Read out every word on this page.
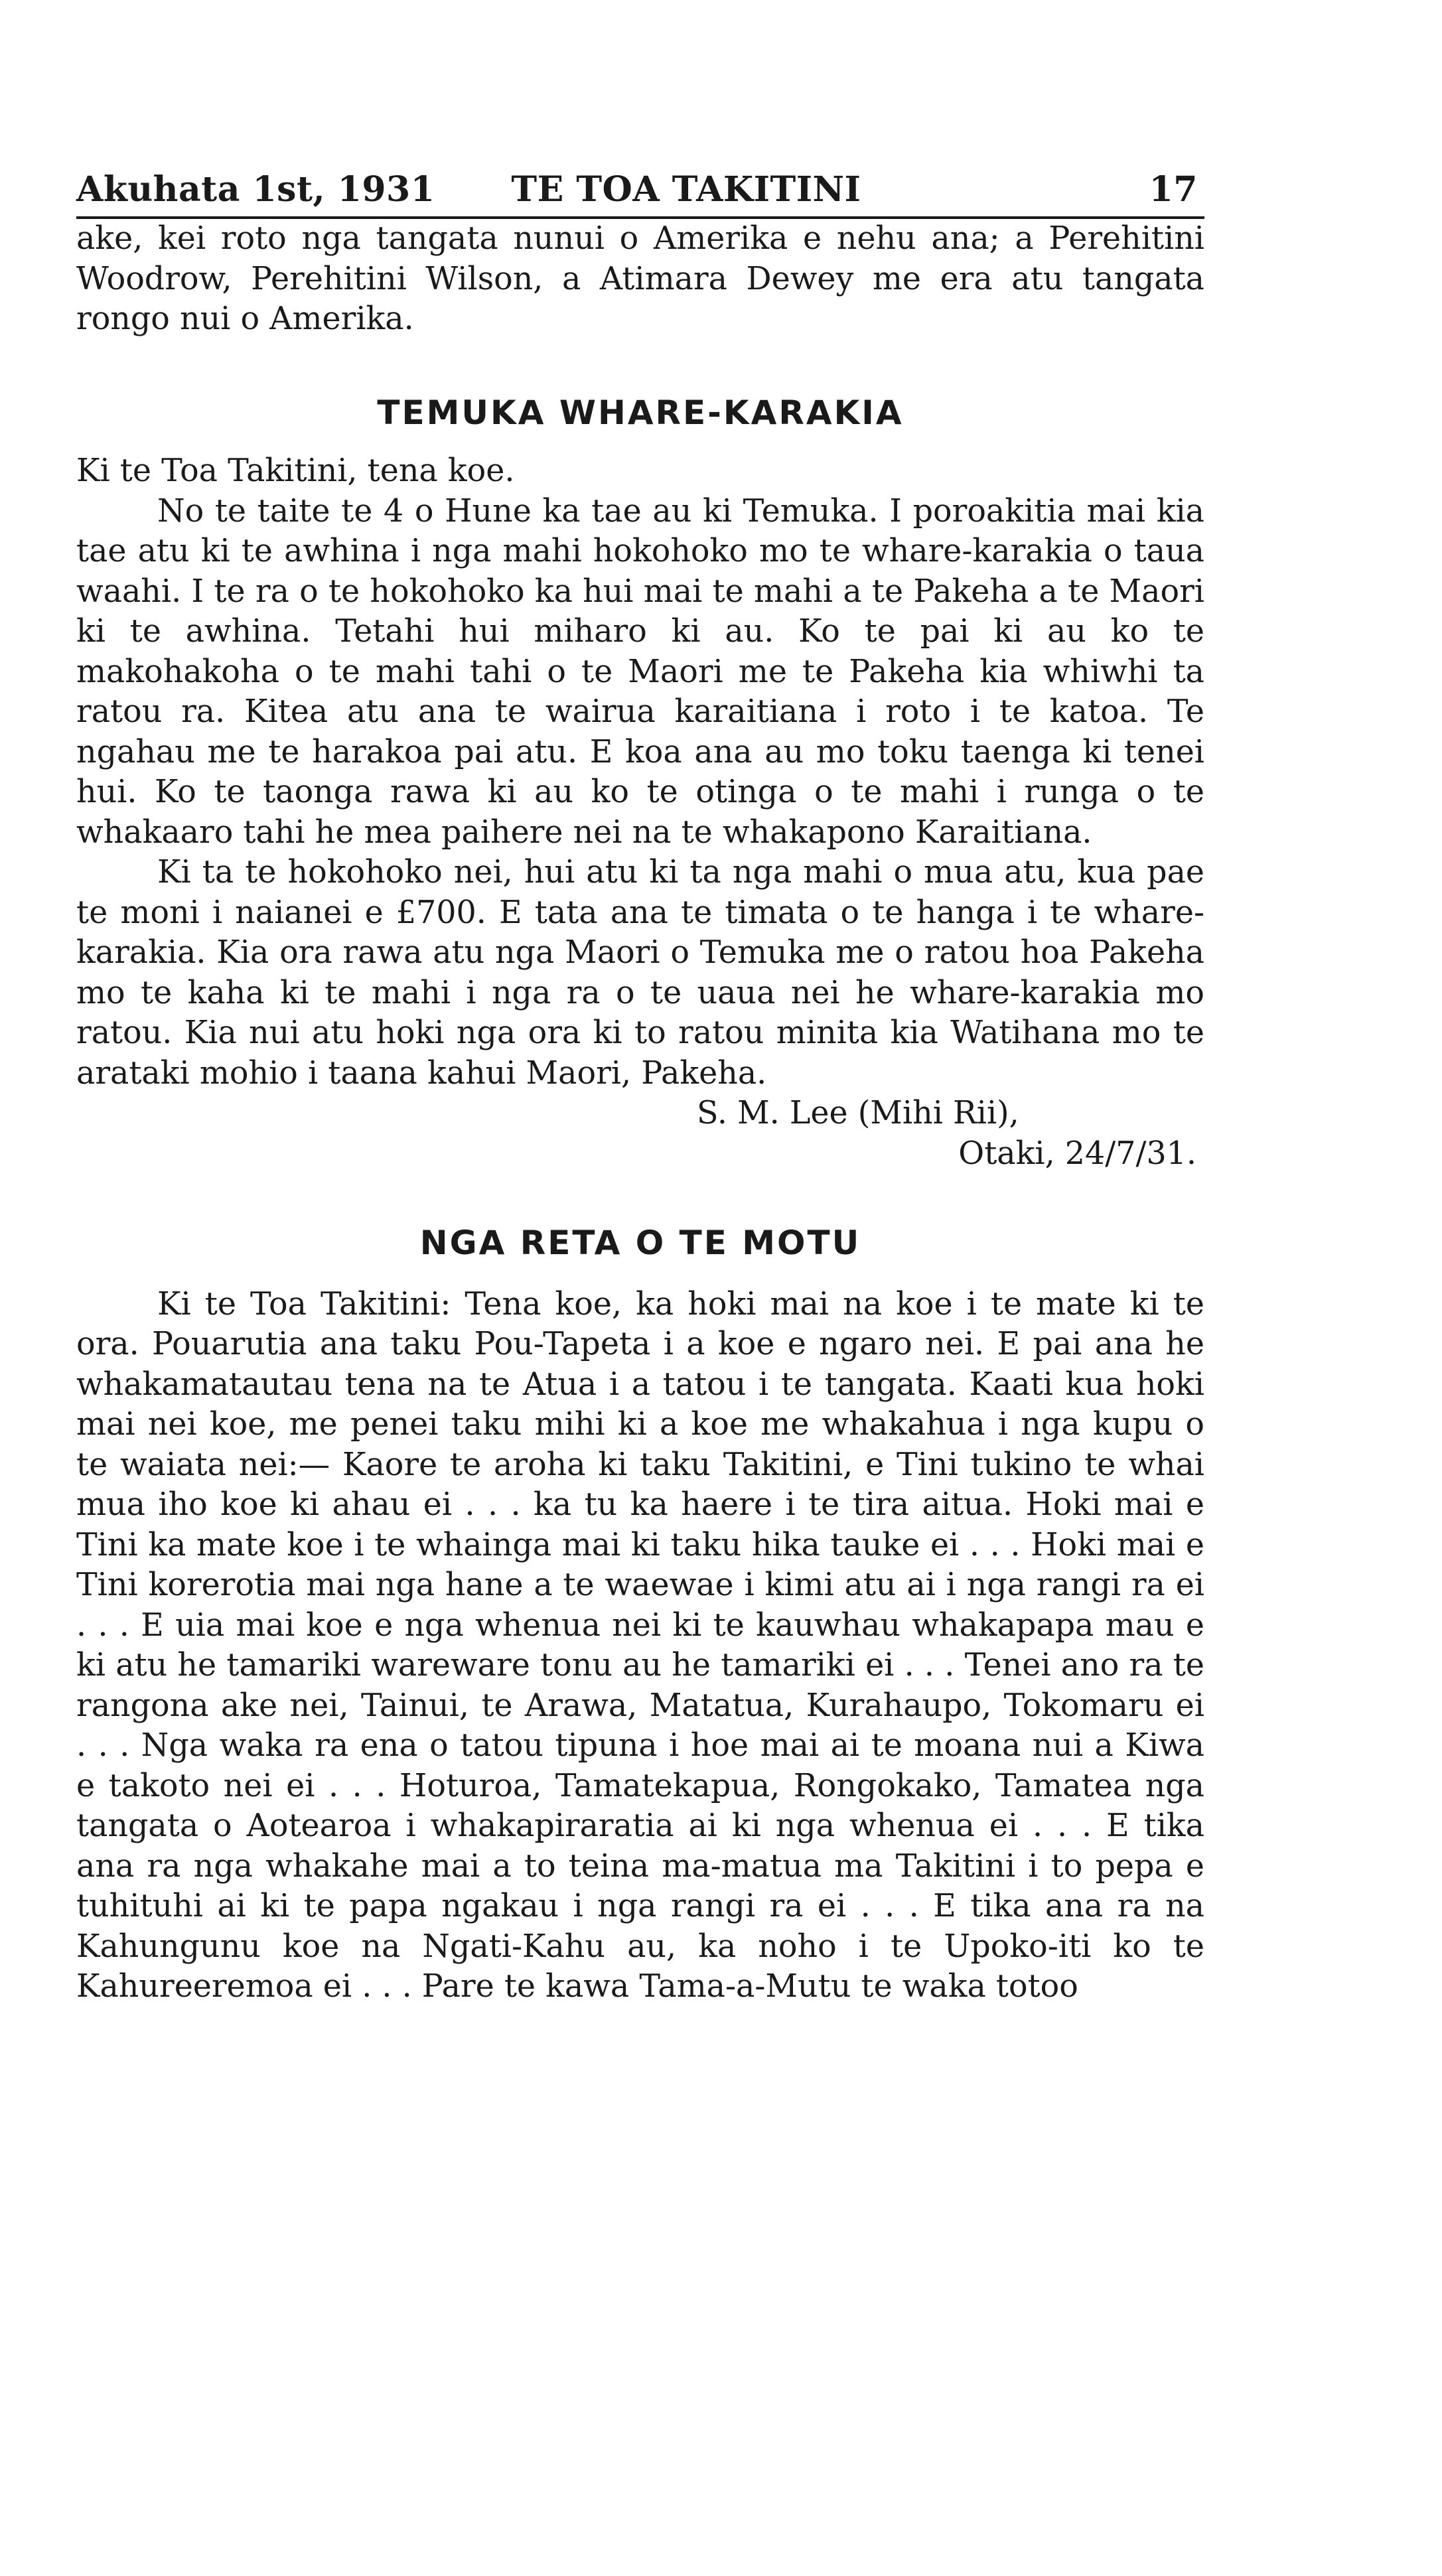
Akuhata 1st, 1931 TE TOA TAKITINI	17

ake, kei roto nga tangata nunui o Amerika e nehu ana; a Perehitini Woodrow, Perehitini Wilson, a Atimara Dewey me era atu tangata rongo nui o Amerika.

TEMUKA WHARE-KARAKIA

Ki te Toa Takitini, tena koe.

No te taite te 4 o Hune ka tae au ki Temuka. I poroakitia mai kia tae atu ki te awhina i nga mahi hokohoko mo te whare-karakia o taua waahi. I te ra o te hokohoko ka hui mai te mahi a te Pakeha a te Maori ki te awhina. Tetahi hui miharo ki au. Ko te pai ki au ko te makohakoha o te mahi tahi o te Maori me te Pakeha kia whiwhi ta ratou ra. Kitea atu ana te wairua karaitiana i roto i te katoa. Te ngahau me te harakoa pai atu. E koa ana au mo toku taenga ki tenei hui. Ko te taonga rawa ki au ko te otinga o te mahi i runga o te whakaaro tahi he mea paihere nei na te whakapono Karaitiana.

Ki ta te hokohoko nei, hui atu ki ta nga mahi o mua atu, kua pae te moni i naianei e £700. E tata ana te timata o te hanga i te whare-karakia. Kia ora rawa atu nga Maori o Temuka me o ratou hoa Pakeha mo te kaha ki te mahi i nga ra o te uaua nei he whare-karakia mo ratou. Kia nui atu hoki nga ora ki to ratou minita kia Watihana mo te arataki mohio i taana kahui Maori, Pakeha.

S. M. Lee (Mihi Rii),

Otaki, 24/7/31.

NGA RETA O TE MOTU

Ki te Toa Takitini: Tena koe, ka hoki mai na koe i te mate ki te ora. Pouarutia ana taku Pou-Tapeta i a koe e ngaro nei. E pai ana he whakamatautau tena na te Atua i a tatou i te tangata. Kaati kua hoki mai nei koe, me penei taku mihi ki a koe me whakahua i nga kupu o te waiata nei:— Kaore te aroha ki taku Takitini, e Tini tukino te whai mua iho koe ki ahau ei . . . ka tu ka haere i te tira aitua. Hoki mai e Tini ka mate koe i te whainga mai ki taku hika tauke ei . . . Hoki mai e Tini korerotia mai nga hane a te waewae i kimi atu ai i nga rangi ra ei . . . E uia mai koe e nga whenua nei ki te kauwhau whakapapa mau e ki atu he tamariki wareware tonu au he tamariki ei . . . Tenei ano ra te rangona ake nei, Tainui, te Arawa, Matatua, Kurahaupo, Tokomaru ei . . . Nga waka ra ena o tatou tipuna i hoe mai ai te moana nui a Kiwa e takoto nei ei . . . Hoturoa, Tamatekapua, Rongokako, Tamatea nga tangata o Aotearoa i whakapiraratia ai ki nga whenua ei . . . E tika ana ra nga whakahe mai a to teina ma-matua ma Takitini i to pepa e tuhituhi ai ki te papa ngakau i nga rangi ra ei . . . E tika ana ra na Kahungunu koe na Ngati-Kahu au, ka noho i te Upoko-iti ko te Kahureeremoa ei . . . Pare te kawa Tama-a-Mutu te waka totoo
